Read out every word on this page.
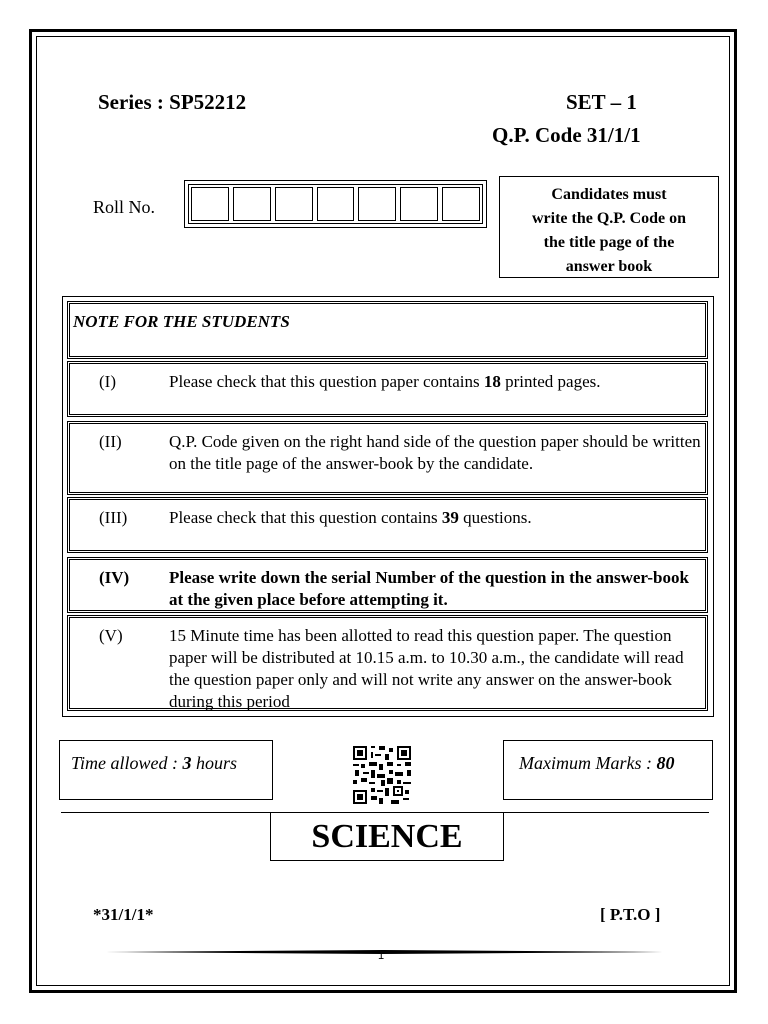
Series : SP52212	SET – 1
Q.P. Code 31/1/1
Roll No.
Candidates must
write the Q.P. Code on
the title page of the
answer book
NOTE FOR THE STUDENTS
(I)	Please check that this question paper contains 18 printed pages.
(II)	Q.P. Code given on the right hand side of the question paper should be written on the title page of the answer-book by the candidate.
(III) Please check that this question contains 39 questions.
(IV) Please write down the serial Number of the question in the answer-book at the given place before attempting it.
(V)	15 Minute time has been allotted to read this question paper. The question paper will be distributed at 10.15 a.m. to 10.30 a.m., the candidate will read the question paper only and will not write any answer on the answer-book during this period
Time allowed : 3 hours	Maximum Marks : 80
SCIENCE
*31/1/1*	[ P.T.O ]
1
